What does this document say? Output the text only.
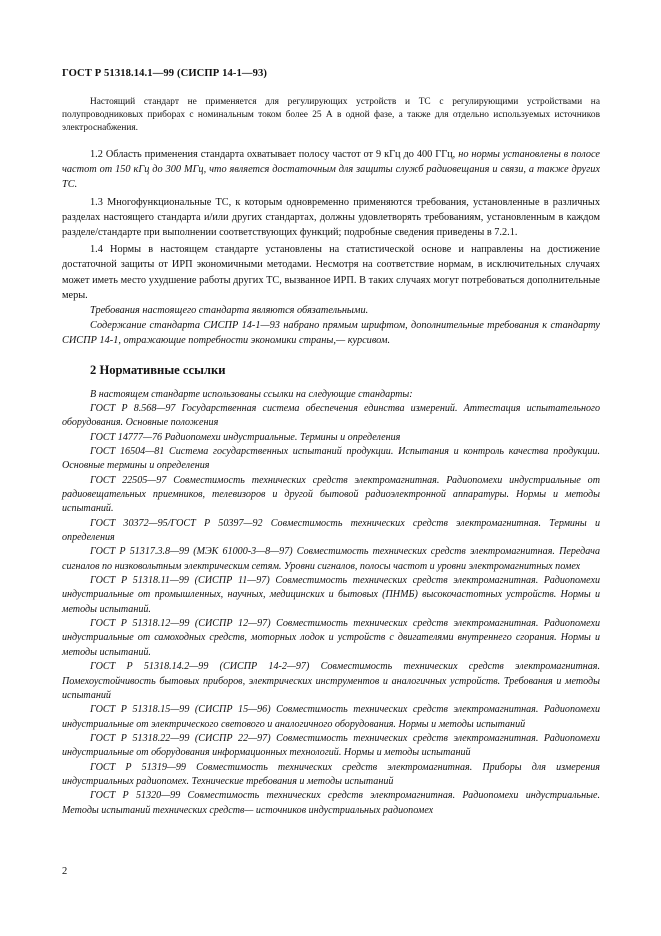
ГОСТ Р 51318.14.1—99 (СИСПР 14-1—93)

Настоящий стандарт не применяется для регулирующих устройств и ТС с регулирующими устройствами на полупроводниковых приборах с номинальным током более 25 А в одной фазе, а также для отдельно используемых источников электроснабжения.

1.2 Область применения стандарта охватывает полосу частот от 9 кГц до 400 ГГц, но нормы установлены в полосе частот от 150 кГц до 300 МГц, что является достаточным для защиты служб радиовещания и связи, а также других ТС.

1.3 Многофункциональные ТС, к которым одновременно применяются требования, установленные в различных разделах настоящего стандарта и/или других стандартах, должны удовлетворять требованиям, установленным в каждом разделе/стандарте при выполнении соответствующих функций; подробные сведения приведены в 7.2.1.

1.4 Нормы в настоящем стандарте установлены на статистической основе и направлены на достижение достаточной защиты от ИРП экономичными методами. Несмотря на соответствие нормам, в исключительных случаях может иметь место ухудшение работы других ТС, вызванное ИРП. В таких случаях могут потребоваться дополнительные меры.

Требования настоящего стандарта являются обязательными.

Содержание стандарта СИСПР 14-1—93 набрано прямым шрифтом, дополнительные требования к стандарту СИСПР 14-1, отражающие потребности экономики страны,— курсивом.

2 Нормативные ссылки

В настоящем стандарте использованы ссылки на следующие стандарты:

ГОСТ Р 8.568—97 Государственная система обеспечения единства измерений. Аттестация испытательного оборудования. Основные положения

ГОСТ 14777—76 Радиопомехи индустриальные. Термины и определения

ГОСТ 16504—81 Система государственных испытаний продукции. Испытания и контроль качества продукции. Основные термины и определения

ГОСТ 22505—97 Совместимость технических средств электромагнитная. Радиопомехи индустриальные от радиовещательных приемников, телевизоров и другой бытовой радиоэлектронной аппаратуры. Нормы и методы испытаний.

ГОСТ 30372—95/ГОСТ Р 50397—92 Совместимость технических средств электромагнитная. Термины и определения

ГОСТ Р 51317.3.8—99 (МЭК 61000-3—8—97) Совместимость технических средств электромагнитная. Передача сигналов по низковольтным электрическим сетям. Уровни сигналов, полосы частот и уровни электромагнитных помех

ГОСТ Р 51318.11—99 (СИСПР 11—97) Совместимость технических средств электромагнитная. Радиопомехи индустриальные от промышленных, научных, медицинских и бытовых (ПНМБ) высокочастотных устройств. Нормы и методы испытаний.

ГОСТ Р 51318.12—99 (СИСПР 12—97) Совместимость технических средств электромагнитная. Радиопомехи индустриальные от самоходных средств, моторных лодок и устройств с двигателями внутреннего сгорания. Нормы и методы испытаний.

ГОСТ Р 51318.14.2—99 (СИСПР 14-2—97) Совместимость технических средств электромагнитная. Помехоустойчивость бытовых приборов, электрических инструментов и аналогичных устройств. Требования и методы испытаний

ГОСТ Р 51318.15—99 (СИСПР 15—96) Совместимость технических средств электромагнитная. Радиопомехи индустриальные от электрического светового и аналогичного оборудования. Нормы и методы испытаний

ГОСТ Р 51318.22—99 (СИСПР 22—97) Совместимость технических средств электромагнитная. Радиопомехи индустриальные от оборудования информационных технологий. Нормы и методы испытаний

ГОСТ Р 51319—99 Совместимость технических средств электромагнитная. Приборы для измерения индустриальных радиопомех. Технические требования и методы испытаний

ГОСТ Р 51320—99 Совместимость технических средств электромагнитная. Радиопомехи индустриальные. Методы испытаний технических средств— источников индустриальных радиопомех

2
